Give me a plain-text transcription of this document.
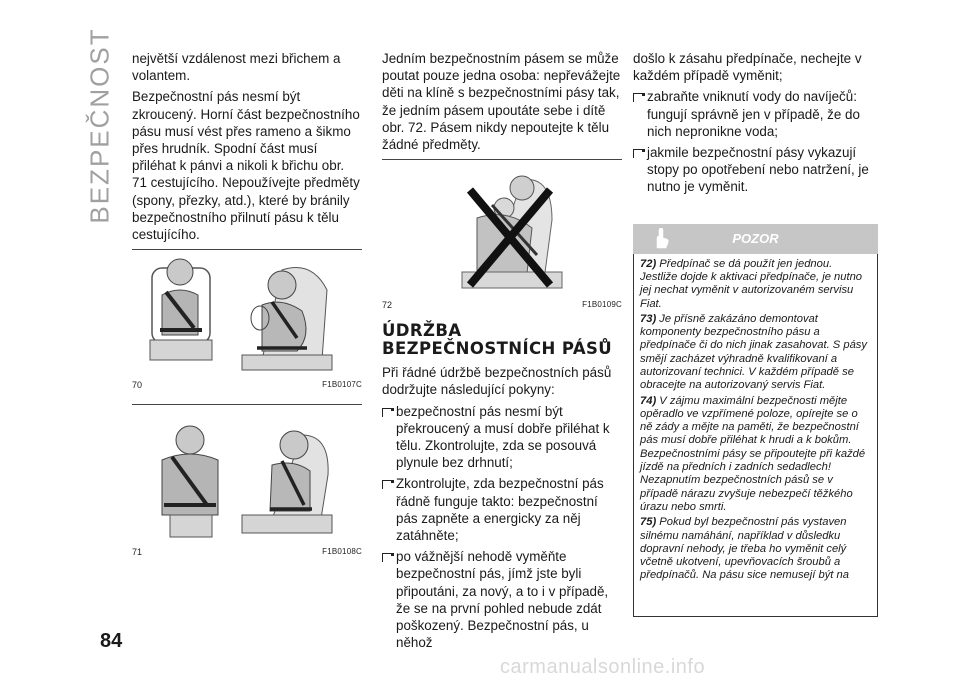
BEZPEČNOST
84

největší vzdálenost mezi břichem a volantem.

Bezpečnostní pás nesmí být zkroucený. Horní část bezpečnostního pásu musí vést přes rameno a šikmo přes hrudník. Spodní část musí přiléhat k pánvi a nikoli k břichu obr. 71 cestujícího. Nepoužívejte předměty (spony, přezky, atd.), které by bránily bezpečnostního přilnutí pásu k tělu cestujícího.

70	F1B0107C
71	F1B0108C

Jedním bezpečnostním pásem se může poutat pouze jedna osoba: nepřevážejte děti na klíně s bezpečnostními pásy tak, že jedním pásem upoutáte sebe i dítě obr. 72. Pásem nikdy nepoutejte k tělu žádné předměty.

72	F1B0109C
ÚDRŽBA BEZPEČNOSTNÍCH PÁSŮ

Při řádné údržbě bezpečnostních pásů dodržujte následující pokyny:

bezpečnostní pás nesmí být překroucený a musí dobře přiléhat k tělu. Zkontrolujte, zda se posouvá plynule bez drhnutí;

Zkontrolujte, zda bezpečnostní pás řádně funguje takto: bezpečnostní pás zapněte a energicky za něj zatáhněte;

po vážnější nehodě vyměňte bezpečnostní pás, jímž jste byli připoutáni, za nový, a to i v případě, že se na první pohled nebude zdát poškozený. Bezpečnostní pás, u něhož

došlo k zásahu předpínače, nechejte v každém případě vyměnit;

zabraňte vniknutí vody do navíječů: fungují správně jen v případě, že do nich nepronikne voda;

jakmile bezpečnostní pásy vykazují stopy po opotřebení nebo natržení, je nutno je vyměnit.

POZOR

72) Předpínač se dá použít jen jednou. Jestliže dojde k aktivaci předpínače, je nutno jej nechat vyměnit v autorizovaném servisu Fiat.

73) Je přísně zakázáno demontovat komponenty bezpečnostního pásu a předpínače či do nich jinak zasahovat. S pásy smějí zacházet výhradně kvalifikovaní a autorizovaní technici. V každém případě se obracejte na autorizovaný servis Fiat.

74) V zájmu maximální bezpečnosti mějte opěradlo ve vzpřímené poloze, opírejte se o ně zády a mějte na paměti, že bezpečnostní pás musí dobře přiléhat k hrudi a k bokům. Bezpečnostními pásy se připoutejte při každé jízdě na předních i zadních sedadlech! Nezapnutím bezpečnostních pásů se v případě nárazu zvyšuje nebezpečí těžkého úrazu nebo smrti.

75) Pokud byl bezpečnostní pás vystaven silnému namáhání, například v důsledku dopravní nehody, je třeba ho vyměnit celý včetně ukotvení, upevňovacích šroubů a předpínačů. Na pásu sice nemusejí být na

carmanualsonline.info
